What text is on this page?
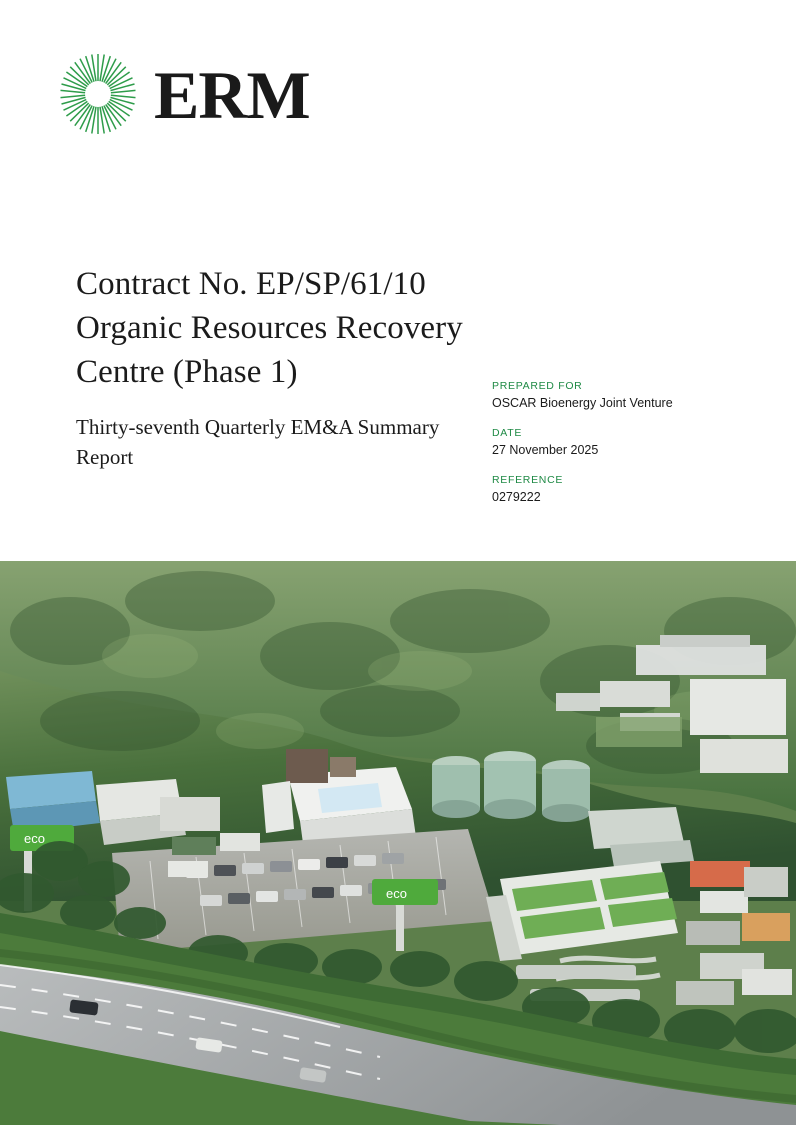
ERM
Contract No. EP/SP/61/10 Organic Resources Recovery Centre (Phase 1)
Thirty-seventh Quarterly EM&A Summary Report
PREPARED FOR
OSCAR Bioenergy Joint Venture
DATE
27 November 2025
REFERENCE
0279222
eco
eco
